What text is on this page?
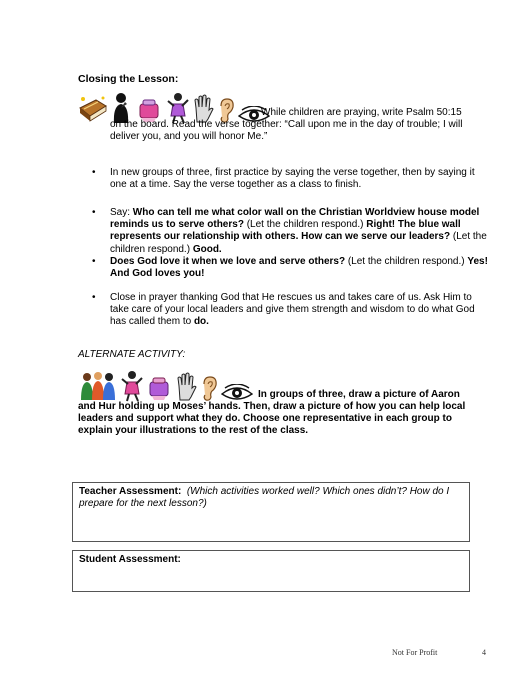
Closing the Lesson:
While children are praying, write Psalm 50:15
on the board. Read the verse together: “Call upon me in the day of trouble; I will
deliver you, and you will honor Me.”
• In new groups of three, first practice by saying the verse together, then by saying it one at a time. Say the verse together as a class to finish.
• Say: Who can tell me what color wall on the Christian Worldview house model reminds us to serve others? (Let the children respond.) Right! The blue wall represents our relationship with others. How can we serve our leaders? (Let the children respond.) Good.
• Does God love it when we love and serve others? (Let the children respond.) Yes! And God loves you!
• Close in prayer thanking God that He rescues us and takes care of us. Ask Him to take care of your local leaders and give them strength and wisdom to do what God has called them to do.
ALTERNATE ACTIVITY:
In groups of three, draw a picture of Aaron
and Hur holding up Moses’ hands. Then, draw a picture of how you can help local
leaders and support what they do. Choose one representative in each group to
explain your illustrations to the rest of the class.
Teacher Assessment: (Which activities worked well? Which ones didn’t? How do I prepare for the next lesson?)
Student Assessment:
Not For Profit	4
